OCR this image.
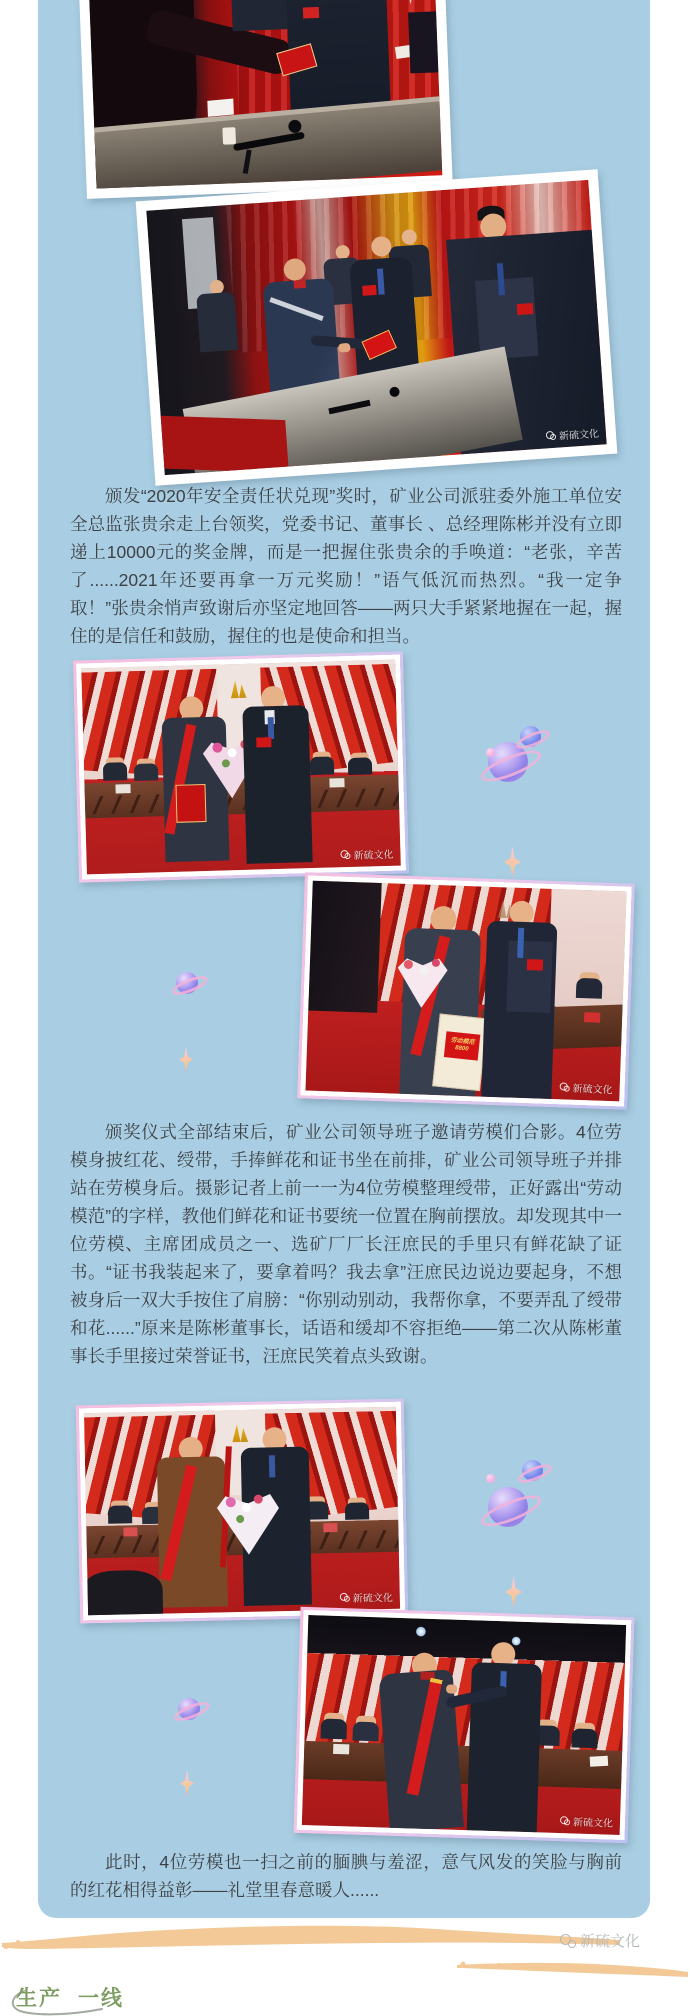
新硫文化

颁发“2020年安全责任状兑现”奖时，矿业公司派驻委外施工单位安全总监张贵余走上台领奖，党委书记、董事长 、总经理陈彬并没有立即递上10000元的奖金牌，而是一把握住张贵余的手唤道：“老张，辛苦了......2021年还要再拿一万元奖励！”语气低沉而热烈。“我一定争取！”张贵余悄声致谢后亦坚定地回答——两只大手紧紧地握在一起，握住的是信任和鼓励，握住的也是使命和担当。

新硫文化
劳动模范
8800
新硫文化

颁奖仪式全部结束后，矿业公司领导班子邀请劳模们合影。4位劳模身披红花、绶带，手捧鲜花和证书坐在前排，矿业公司领导班子并排站在劳模身后。摄影记者上前一一为4位劳模整理绶带，正好露出“劳动模范”的字样，教他们鲜花和证书要统一位置在胸前摆放。却发现其中一位劳模、主席团成员之一、选矿厂厂长汪庶民的手里只有鲜花缺了证书。“证书我装起来了，要拿着吗？我去拿”汪庶民边说边要起身，不想被身后一双大手按住了肩膀：“你别动别动，我帮你拿，不要弄乱了绶带和花......”原来是陈彬董事长，话语和缓却不容拒绝——第二次从陈彬董事长手里接过荣誉证书，汪庶民笑着点头致谢。

新硫文化
新硫文化

此时，4位劳模也一扫之前的腼腆与羞涩，意气风发的笑脸与胸前的红花相得益彰——礼堂里春意暖人......

新硫文化
生产 一线
